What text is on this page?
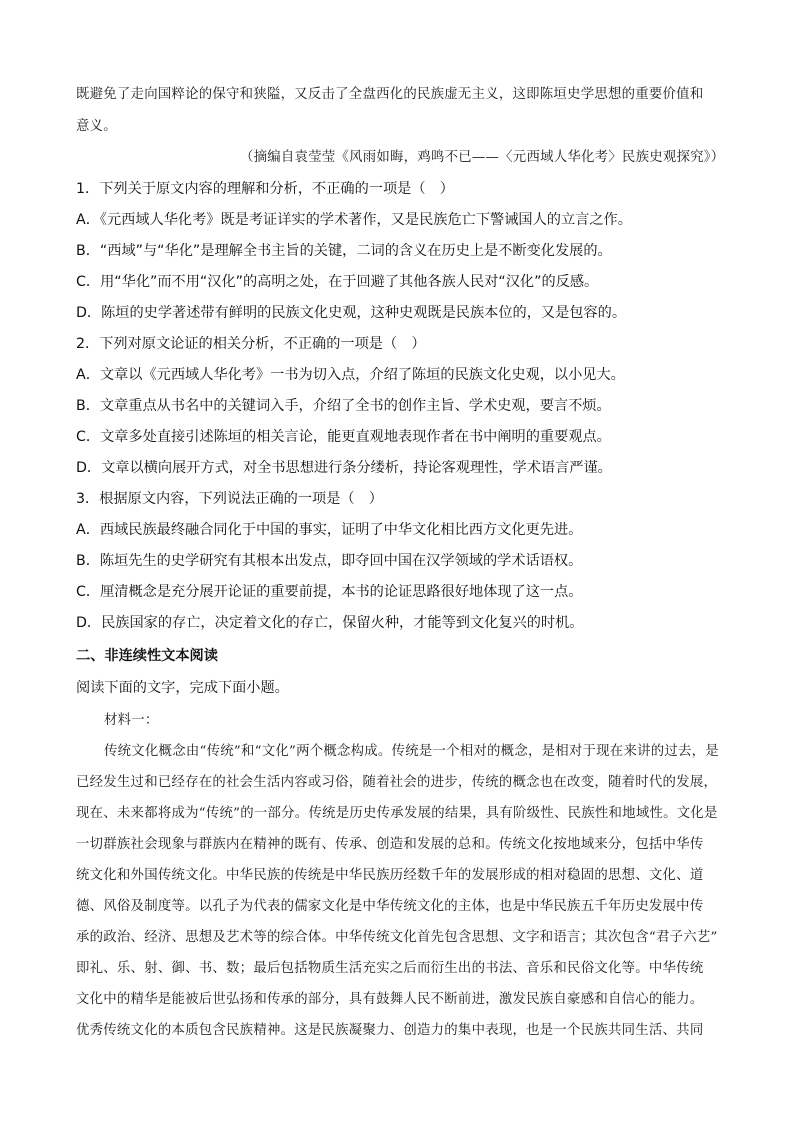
既避免了走向国粹论的保守和狭隘，又反击了全盘西化的民族虚无主义，这即陈垣史学思想的重要价值和
意义。
（摘编自袁莹莹《风雨如晦，鸡鸣不已——〈元西域人华化考〉民族史观探究》）
1．下列关于原文内容的理解和分析，不正确的一项是（　）
A．《元西域人华化考》既是考证详实的学术著作，又是民族危亡下警诫国人的立言之作。
B．“西域”与“华化”是理解全书主旨的关键，二词的含义在历史上是不断变化发展的。
C．用“华化”而不用“汉化”的高明之处，在于回避了其他各族人民对“汉化”的反感。
D．陈垣的史学著述带有鲜明的民族文化史观，这种史观既是民族本位的，又是包容的。
2．下列对原文论证的相关分析，不正确的一项是（　）
A．文章以《元西域人华化考》一书为切入点，介绍了陈垣的民族文化史观，以小见大。
B．文章重点从书名中的关键词入手，介绍了全书的创作主旨、学术史观，要言不烦。
C．文章多处直接引述陈垣的相关言论，能更直观地表现作者在书中阐明的重要观点。
D．文章以横向展开方式，对全书思想进行条分缕析，持论客观理性，学术语言严谨。
3．根据原文内容，下列说法正确的一项是（　）
A．西域民族最终融合同化于中国的事实，证明了中华文化相比西方文化更先进。
B．陈垣先生的史学研究有其根本出发点，即夺回中国在汉学领域的学术话语权。
C．厘清概念是充分展开论证的重要前提，本书的论证思路很好地体现了这一点。
D．民族国家的存亡，决定着文化的存亡，保留火种，才能等到文化复兴的时机。
二、非连续性文本阅读
阅读下面的文字，完成下面小题。
材料一：
传统文化概念由“传统”和“文化”两个概念构成。传统是一个相对的概念，是相对于现在来讲的过去，是
已经发生过和已经存在的社会生活内容或习俗，随着社会的进步，传统的概念也在改变，随着时代的发展，
现在、未来都将成为“传统”的一部分。传统是历史传承发展的结果，具有阶级性、民族性和地域性。文化是
一切群族社会现象与群族内在精神的既有、传承、创造和发展的总和。传统文化按地域来分，包括中华传
统文化和外国传统文化。中华民族的传统是中华民族历经数千年的发展形成的相对稳固的思想、文化、道
德、风俗及制度等。以孔子为代表的儒家文化是中华传统文化的主体，也是中华民族五千年历史发展中传
承的政治、经济、思想及艺术等的综合体。中华传统文化首先包含思想、文字和语言；其次包含“君子六艺”
即礼、乐、射、御、书、数；最后包括物质生活充实之后而衍生出的书法、音乐和民俗文化等。中华传统
文化中的精华是能被后世弘扬和传承的部分，具有鼓舞人民不断前进，激发民族自豪感和自信心的能力。
优秀传统文化的本质包含民族精神。这是民族凝聚力、创造力的集中表现，也是一个民族共同生活、共同
